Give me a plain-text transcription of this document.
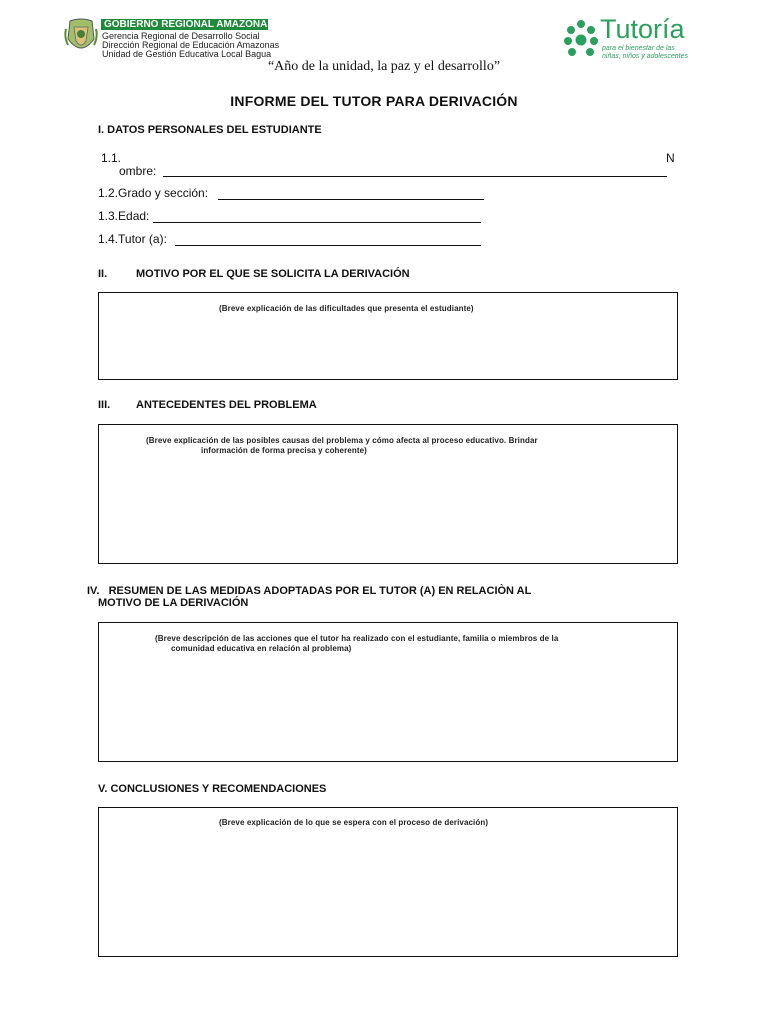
GOBIERNO REGIONAL AMAZONAS
Gerencia Regional de Desarrollo Social
Dirección Regional de Educación Amazonas
Unidad de Gestión Educativa Local Bagua
Tutoría
para el bienestar de las
niñas, niños y adolescentes
“Año de la unidad, la paz y el desarrollo”
INFORME DEL TUTOR PARA DERIVACIÓN
I. DATOS PERSONALES DEL ESTUDIANTE
1.1.	N
ombre:
1.2.Grado y sección:
1.3.Edad:
1.4.Tutor (a):
II.	MOTIVO POR EL QUE SE SOLICITA LA DERIVACIÓN
(Breve explicación de las dificultades que presenta el estudiante)
III. ANTECEDENTES DEL PROBLEMA
(Breve explicación de las posibles causas del problema y cómo afecta al proceso educativo. Brindar
información de forma precisa y coherente)
IV.   RESUMEN DE LAS MEDIDAS ADOPTADAS POR EL TUTOR (A) EN RELACIÒN AL
MOTIVO DE LA DERIVACIÓN
(Breve descripción de las acciones que el tutor ha realizado con el estudiante, familia o miembros de la
comunidad educativa en relación al problema)
V. CONCLUSIONES Y RECOMENDACIONES
(Breve explicación de lo que se espera con el proceso de derivación)
